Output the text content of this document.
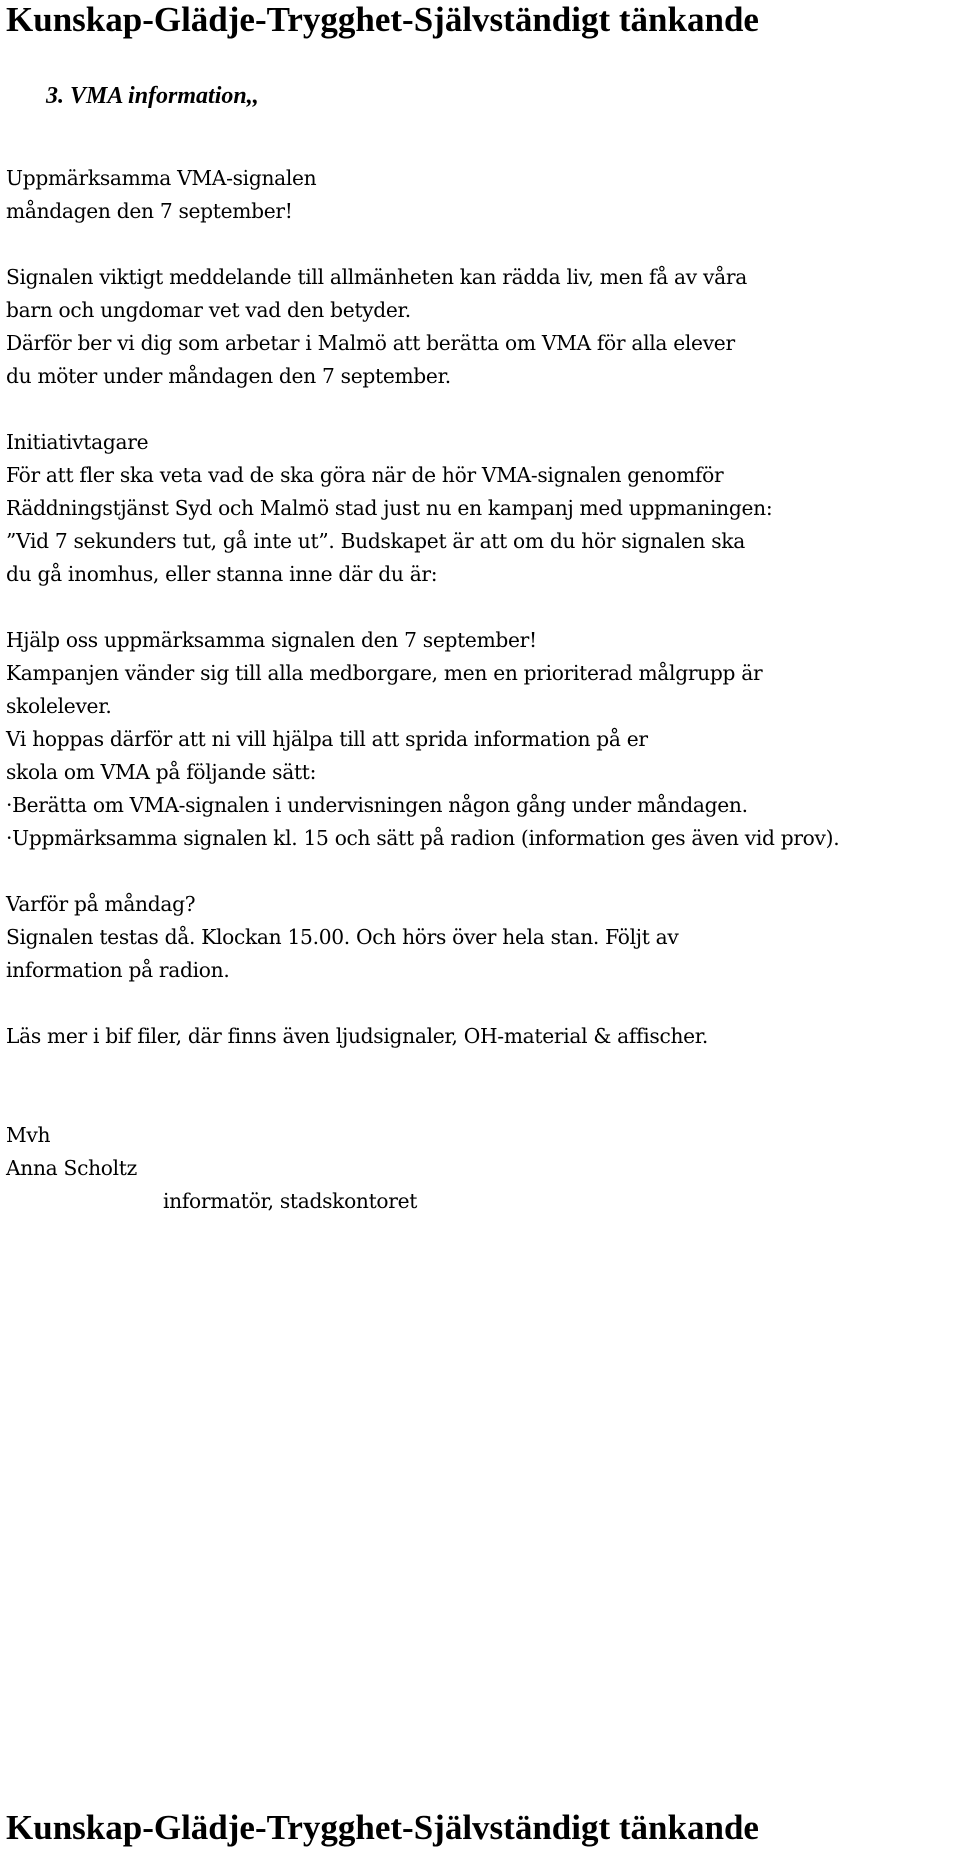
Kunskap-Glädje-Trygghet-Självständigt tänkande
3. VMA information,,
Uppmärksamma VMA-signalen
måndagen den 7 september!
Signalen viktigt meddelande till allmänheten kan rädda liv, men få av våra
barn och ungdomar vet vad den betyder.
Därför ber vi dig som arbetar i Malmö att berätta om VMA för alla elever
du möter under måndagen den 7 september.
Initiativtagare
För att fler ska veta vad de ska göra när de hör VMA-signalen genomför
Räddningstjänst Syd och Malmö stad just nu en kampanj med uppmaningen:
”Vid 7 sekunders tut, gå inte ut”. Budskapet är att om du hör signalen ska
du gå inomhus, eller stanna inne där du är:
Hjälp oss uppmärksamma signalen den 7 september!
Kampanjen vänder sig till alla medborgare, men en prioriterad målgrupp är
skolelever.
Vi hoppas därför att ni vill hjälpa till att sprida information på er
skola om VMA på följande sätt:
·Berätta om VMA-signalen i undervisningen någon gång under måndagen.
·Uppmärksamma signalen kl. 15 och sätt på radion (information ges även vid prov).
Varför på måndag?
Signalen testas då. Klockan 15.00. Och hörs över hela stan. Följt av
information på radion.
Läs mer i bif filer, där finns även ljudsignaler, OH-material & affischer.
Mvh
Anna Scholtz
informatör, stadskontoret
Kunskap-Glädje-Trygghet-Självständigt tänkande
